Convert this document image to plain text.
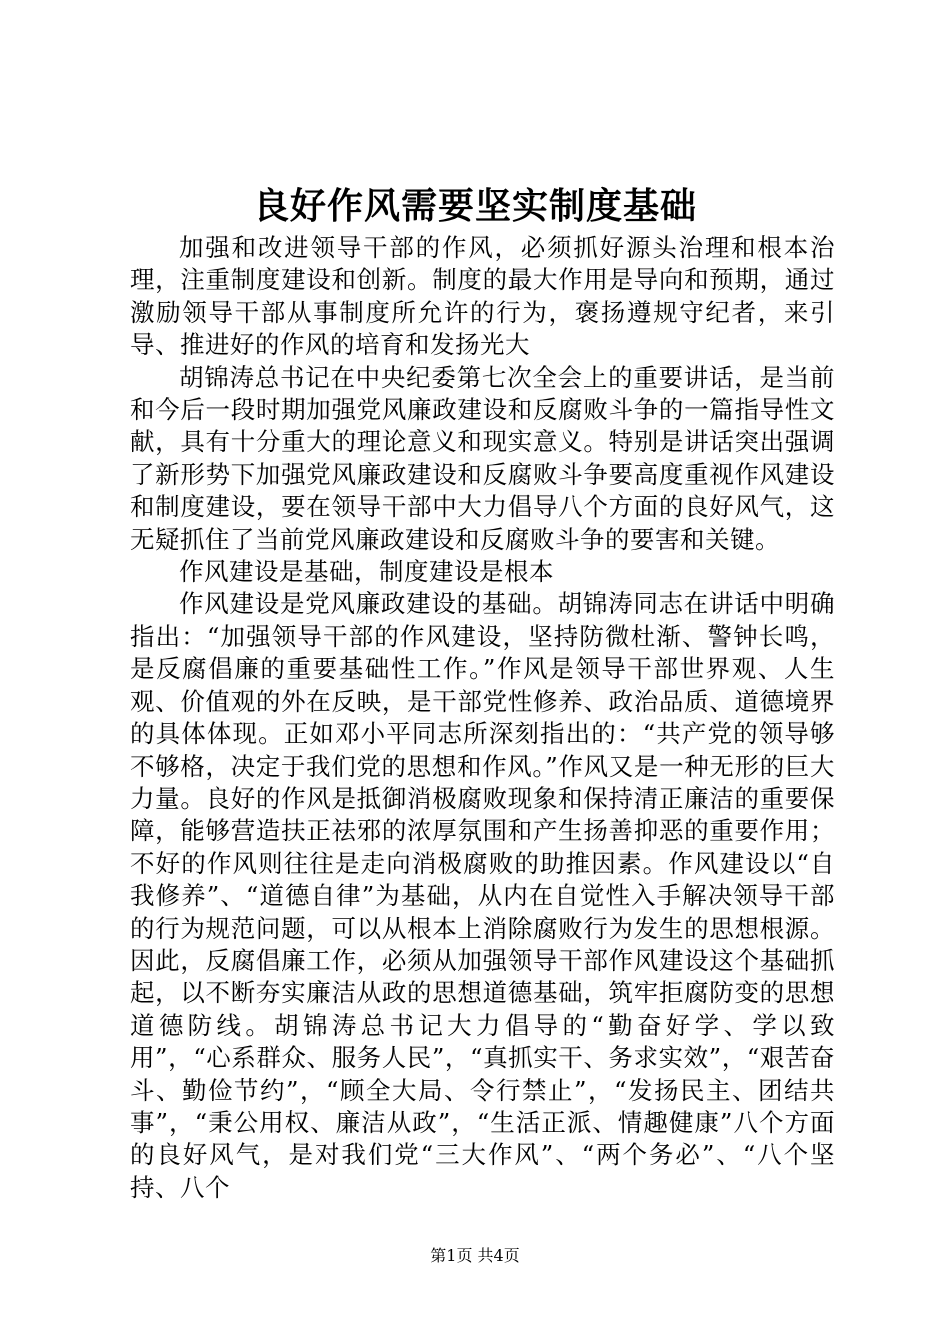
良好作风需要坚实制度基础

加强和改进领导干部的作风，必须抓好源头治理和根本治理，注重制度建设和创新。制度的最大作用是导向和预期，通过激励领导干部从事制度所允许的行为，褒扬遵规守纪者，来引导、推进好的作风的培育和发扬光大

胡锦涛总书记在中央纪委第七次全会上的重要讲话，是当前和今后一段时期加强党风廉政建设和反腐败斗争的一篇指导性文献，具有十分重大的理论意义和现实意义。特别是讲话突出强调了新形势下加强党风廉政建设和反腐败斗争要高度重视作风建设和制度建设，要在领导干部中大力倡导八个方面的良好风气，这无疑抓住了当前党风廉政建设和反腐败斗争的要害和关键。

作风建设是基础，制度建设是根本

作风建设是党风廉政建设的基础。胡锦涛同志在讲话中明确指出：“加强领导干部的作风建设，坚持防微杜渐、警钟长鸣，是反腐倡廉的重要基础性工作。”作风是领导干部世界观、人生观、价值观的外在反映，是干部党性修养、政治品质、道德境界的具体体现。正如邓小平同志所深刻指出的：“共产党的领导够不够格，决定于我们党的思想和作风。”作风又是一种无形的巨大力量。良好的作风是抵御消极腐败现象和保持清正廉洁的重要保障，能够营造扶正祛邪的浓厚氛围和产生扬善抑恶的重要作用；不好的作风则往往是走向消极腐败的助推因素。作风建设以“自我修养”、“道德自律”为基础，从内在自觉性入手解决领导干部的行为规范问题，可以从根本上消除腐败行为发生的思想根源。因此，反腐倡廉工作，必须从加强领导干部作风建设这个基础抓起，以不断夯实廉洁从政的思想道德基础，筑牢拒腐防变的思想道德防线。胡锦涛总书记大力倡导的“勤奋好学、学以致用”，“心系群众、服务人民”，“真抓实干、务求实效”，“艰苦奋斗、勤俭节约”，“顾全大局、令行禁止”，“发扬民主、团结共事”，“秉公用权、廉洁从政”，“生活正派、情趣健康”八个方面的良好风气，是对我们党“三大作风”、“两个务必”、“八个坚持、八个

第1页 共4页
